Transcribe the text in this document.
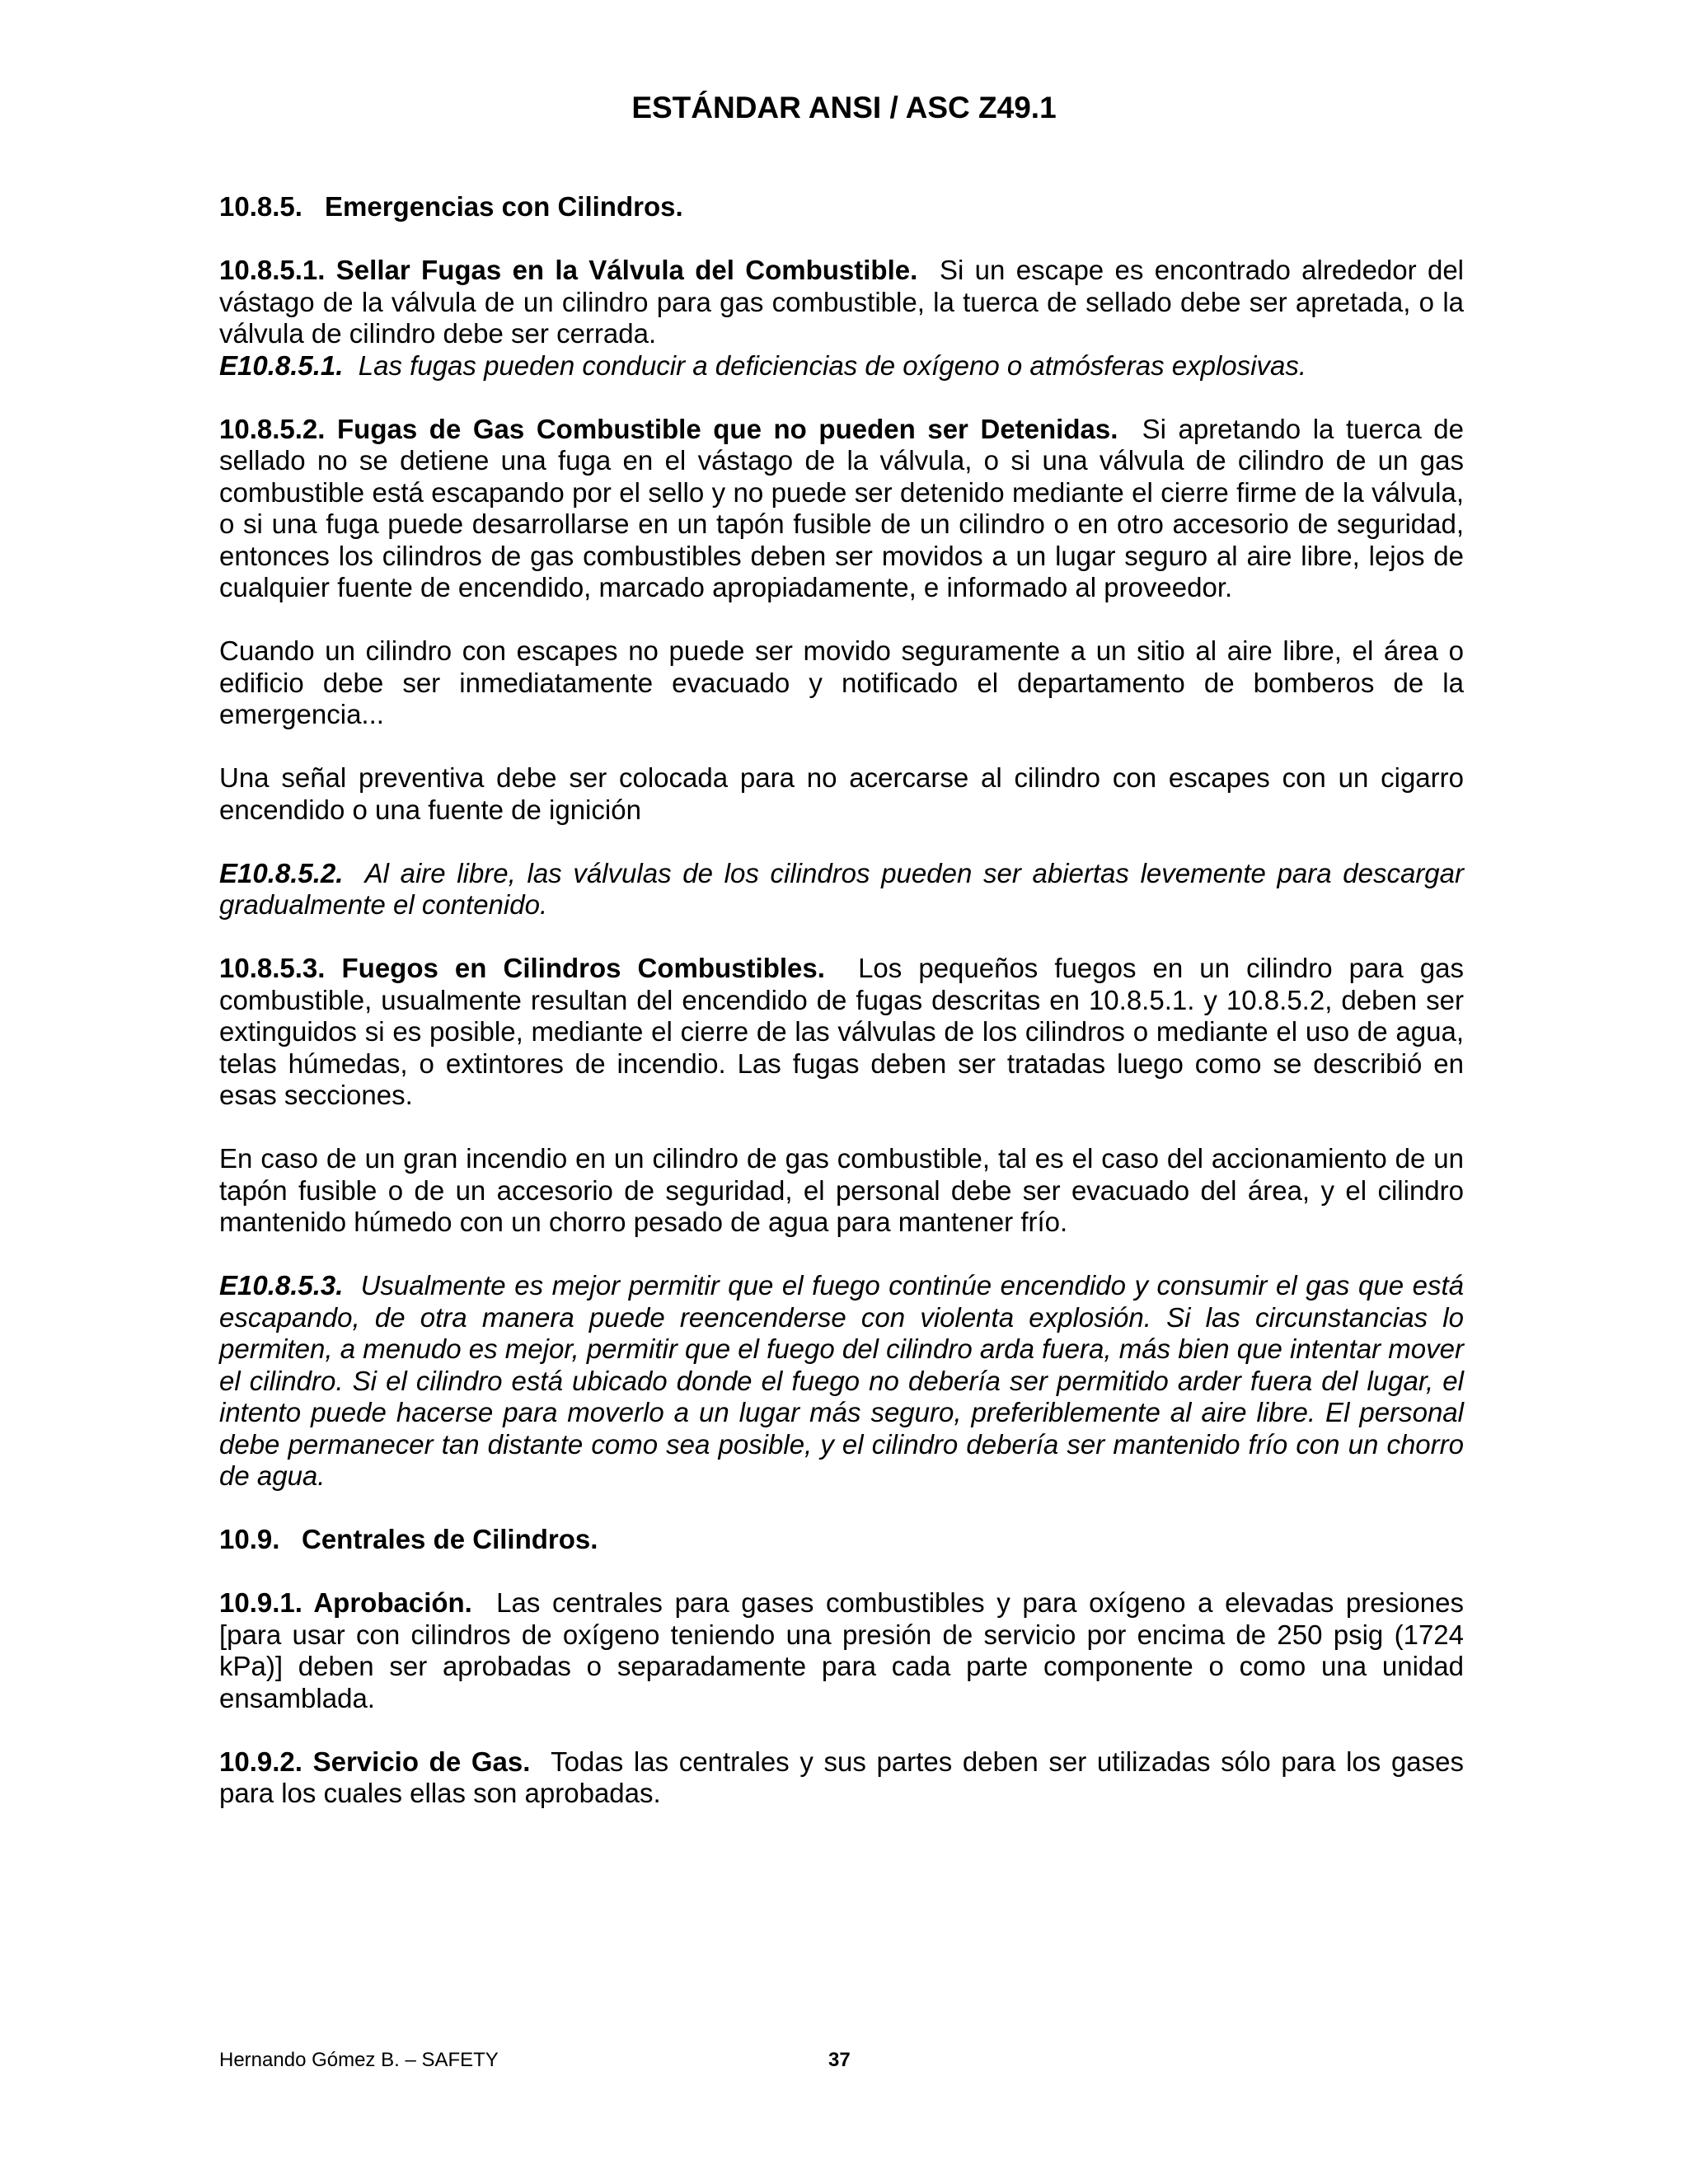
ESTÁNDAR ANSI / ASC Z49.1

10.8.5. Emergencias con Cilindros.

10.8.5.1. Sellar Fugas en la Válvula del Combustible. Si un escape es encontrado alrededor del vástago de la válvula de un cilindro para gas combustible, la tuerca de sellado debe ser apretada, o la válvula de cilindro debe ser cerrada.

E10.8.5.1. Las fugas pueden conducir a deficiencias de oxígeno o atmósferas explosivas.

10.8.5.2. Fugas de Gas Combustible que no pueden ser Detenidas. Si apretando la tuerca de sellado no se detiene una fuga en el vástago de la válvula, o si una válvula de cilindro de un gas combustible está escapando por el sello y no puede ser detenido mediante el cierre firme de la válvula, o si una fuga puede desarrollarse en un tapón fusible de un cilindro o en otro accesorio de seguridad, entonces los cilindros de gas combustibles deben ser movidos a un lugar seguro al aire libre, lejos de cualquier fuente de encendido, marcado apropiadamente, e informado al proveedor.

Cuando un cilindro con escapes no puede ser movido seguramente a un sitio al aire libre, el área o edificio debe ser inmediatamente evacuado y notificado el departamento de bomberos de la emergencia...

Una señal preventiva debe ser colocada para no acercarse al cilindro con escapes con un cigarro encendido o una fuente de ignición

E10.8.5.2. Al aire libre, las válvulas de los cilindros pueden ser abiertas levemente para descargar gradualmente el contenido.

10.8.5.3. Fuegos en Cilindros Combustibles. Los pequeños fuegos en un cilindro para gas combustible, usualmente resultan del encendido de fugas descritas en 10.8.5.1. y 10.8.5.2, deben ser extinguidos si es posible, mediante el cierre de las válvulas de los cilindros o mediante el uso de agua, telas húmedas, o extintores de incendio. Las fugas deben ser tratadas luego como se describió en esas secciones.

En caso de un gran incendio en un cilindro de gas combustible, tal es el caso del accionamiento de un tapón fusible o de un accesorio de seguridad, el personal debe ser evacuado del área, y el cilindro mantenido húmedo con un chorro pesado de agua para mantener frío.

E10.8.5.3. Usualmente es mejor permitir que el fuego continúe encendido y consumir el gas que está escapando, de otra manera puede reencenderse con violenta explosión. Si las circunstancias lo permiten, a menudo es mejor, permitir que el fuego del cilindro arda fuera, más bien que intentar mover el cilindro. Si el cilindro está ubicado donde el fuego no debería ser permitido arder fuera del lugar, el intento puede hacerse para moverlo a un lugar más seguro, preferiblemente al aire libre. El personal debe permanecer tan distante como sea posible, y el cilindro debería ser mantenido frío con un chorro de agua.

10.9. Centrales de Cilindros.

10.9.1. Aprobación. Las centrales para gases combustibles y para oxígeno a elevadas presiones [para usar con cilindros de oxígeno teniendo una presión de servicio por encima de 250 psig (1724 kPa)] deben ser aprobadas o separadamente para cada parte componente o como una unidad ensamblada.

10.9.2. Servicio de Gas. Todas las centrales y sus partes deben ser utilizadas sólo para los gases para los cuales ellas son aprobadas.

Hernando Gómez B. – SAFETY	37
